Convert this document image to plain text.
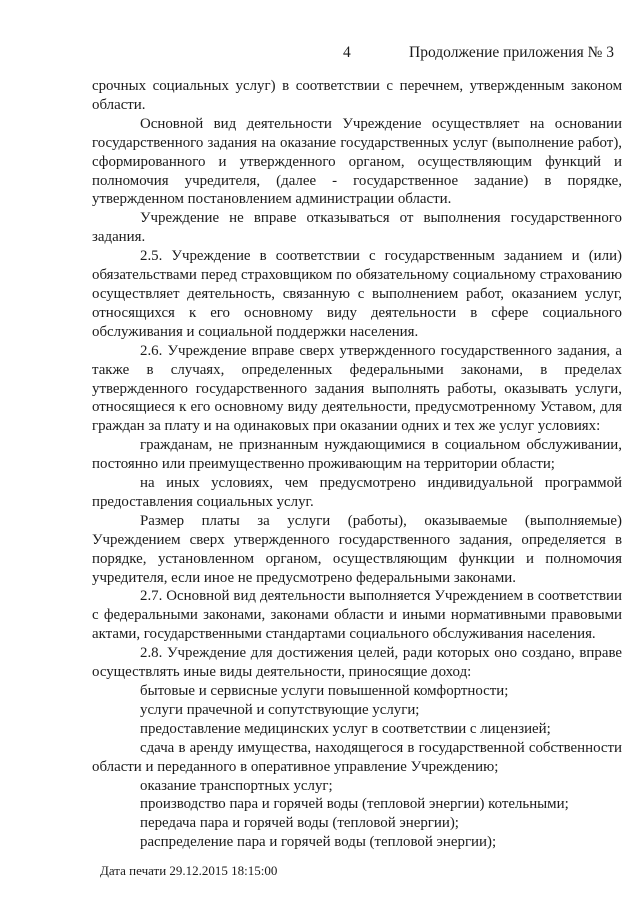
4	Продолжение приложения № 3

срочных социальных услуг) в соответствии с перечнем, утвержденным законом области.

Основной вид деятельности Учреждение осуществляет на основании государственного задания на оказание государственных услуг (выполнение работ), сформированного и утвержденного органом, осуществляющим функций и полномочия учредителя, (далее - государственное задание) в порядке, утвержденном постановлением администрации области.

Учреждение не вправе отказываться от выполнения государственного задания.

2.5. Учреждение в соответствии с государственным заданием и (или) обязательствами перед страховщиком по обязательному социальному страхованию осуществляет деятельность, связанную с выполнением работ, оказанием услуг, относящихся к его основному виду деятельности в сфере социального обслуживания и социальной поддержки населения.

2.6. Учреждение вправе сверх утвержденного государственного задания, а также в случаях, определенных федеральными законами, в пределах утвержденного государственного задания выполнять работы, оказывать услуги, относящиеся к его основному виду деятельности, предусмотренному Уставом, для граждан за плату и на одинаковых при оказании одних и тех же услуг условиях:

гражданам, не признанным нуждающимися в социальном обслуживании, постоянно или преимущественно проживающим на территории области;

на иных условиях, чем предусмотрено индивидуальной программой предоставления социальных услуг.

Размер платы за услуги (работы), оказываемые (выполняемые) Учреждением сверх утвержденного государственного задания, определяется в порядке, установленном органом, осуществляющим функции и полномочия учредителя, если иное не предусмотрено федеральными законами.

2.7. Основной вид деятельности выполняется Учреждением в соответствии с федеральными законами, законами области и иными нормативными правовыми актами, государственными стандартами социального обслуживания населения.

2.8. Учреждение для достижения целей, ради которых оно создано, вправе осуществлять иные виды деятельности, приносящие доход:

бытовые и сервисные услуги повышенной комфортности;

услуги прачечной и сопутствующие услуги;

предоставление медицинских услуг в соответствии с лицензией;

сдача в аренду имущества, находящегося в государственной собственности области и переданного в оперативное управление Учреждению;

оказание транспортных услуг;

производство пара и горячей воды (тепловой энергии) котельными;

передача пара и горячей воды (тепловой энергии);

распределение пара и горячей воды (тепловой энергии);

Дата печати 29.12.2015 18:15:00
